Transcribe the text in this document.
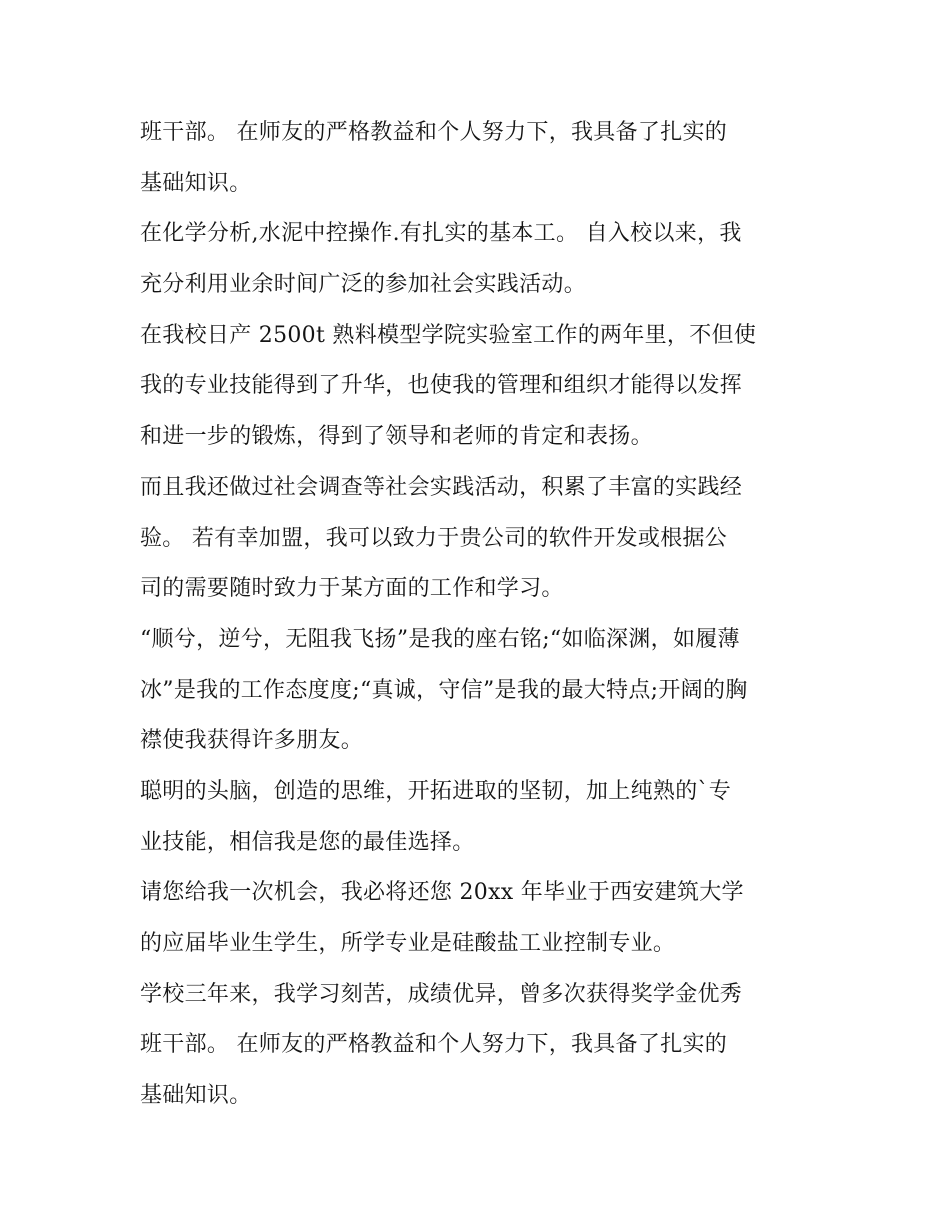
班干部。 在师友的严格教益和个人努力下，我具备了扎实的
基础知识。
在化学分析,水泥中控操作.有扎实的基本工。 自入校以来，我
充分利用业余时间广泛的参加社会实践活动。
在我校日产 2500t 熟料模型学院实验室工作的两年里，不但使
我的专业技能得到了升华，也使我的管理和组织才能得以发挥
和进一步的锻炼，得到了领导和老师的肯定和表扬。
而且我还做过社会调查等社会实践活动，积累了丰富的实践经
验。 若有幸加盟，我可以致力于贵公司的软件开发或根据公
司的需要随时致力于某方面的工作和学习。
“顺兮，逆兮，无阻我飞扬”是我的座右铭;“如临深渊，如履薄
冰”是我的工作态度度;“真诚，守信”是我的最大特点;开阔的胸
襟使我获得许多朋友。
聪明的头脑，创造的思维，开拓进取的坚韧，加上纯熟的`专
业技能，相信我是您的最佳选择。
请您给我一次机会，我必将还您 20xx 年毕业于西安建筑大学
的应届毕业生学生，所学专业是硅酸盐工业控制专业。
学校三年来，我学习刻苦，成绩优异，曾多次获得奖学金优秀
班干部。 在师友的严格教益和个人努力下，我具备了扎实的
基础知识。
